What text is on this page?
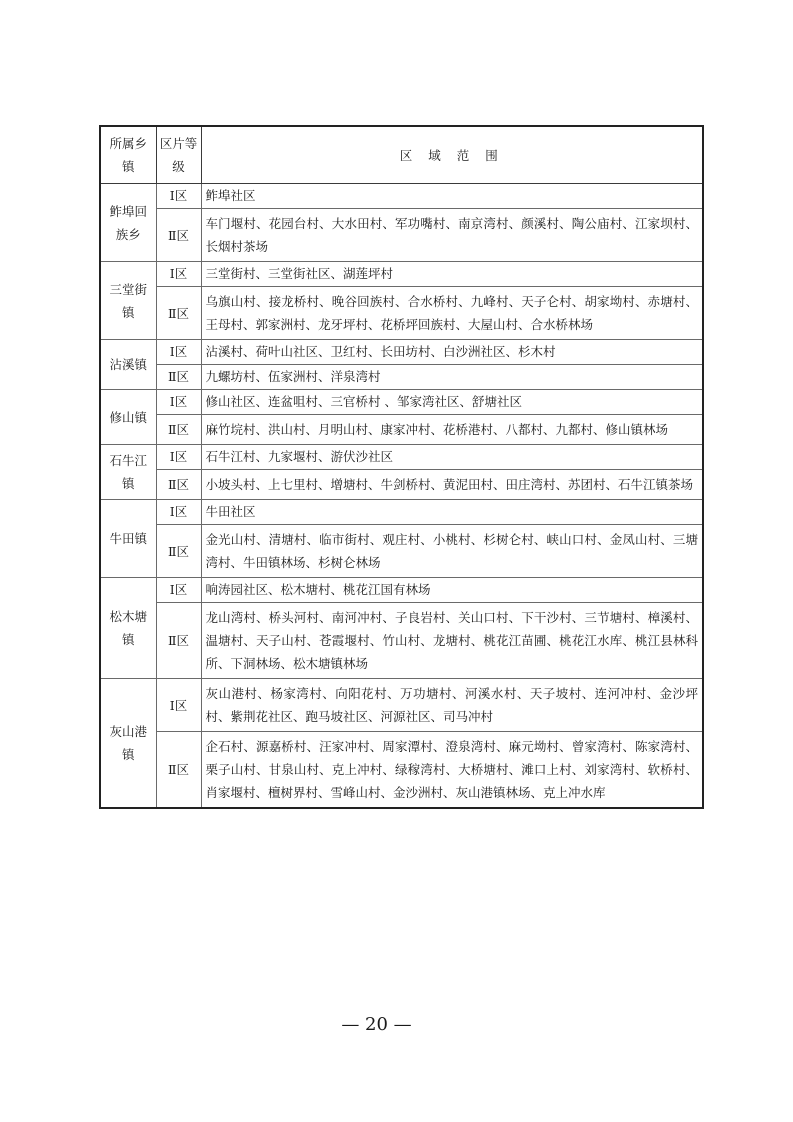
所属乡镇	区片等级	区 域 范 围
鲊埠回族乡	Ⅰ区	鲊埠社区
	Ⅱ区	车门堰村、花园台村、大水田村、军功嘴村、南京湾村、颜溪村、陶公庙村、江家坝村、长烟村茶场
三堂街镇	Ⅰ区	三堂街村、三堂街社区、湖莲坪村
	Ⅱ区	乌旗山村、接龙桥村、晚谷回族村、合水桥村、九峰村、天子仑村、胡家坳村、赤塘村、王母村、郭家洲村、龙牙坪村、花桥坪回族村、大屋山村、合水桥林场
沾溪镇	Ⅰ区	沾溪村、荷叶山社区、卫红村、长田坊村、白沙洲社区、杉木村
	Ⅱ区	九螺坊村、伍家洲村、洋泉湾村
修山镇	Ⅰ区	修山社区、连盆咀村、三官桥村 、邹家湾社区、舒塘社区
	Ⅱ区	麻竹垸村、洪山村、月明山村、康家冲村、花桥港村、八都村、九都村、修山镇林场
石牛江镇	Ⅰ区	石牛江村、九家堰村、游伏沙社区
	Ⅱ区	小坡头村、上七里村、增塘村、牛剑桥村、黄泥田村、田庄湾村、苏团村、石牛江镇茶场
牛田镇	Ⅰ区	牛田社区
	Ⅱ区	金光山村、清塘村、临市街村、观庄村、小桃村、杉树仑村、峡山口村、金凤山村、三塘湾村、牛田镇林场、杉树仑林场
松木塘镇	Ⅰ区	响涛园社区、松木塘村、桃花江国有林场
	Ⅱ区	龙山湾村、桥头河村、南河冲村、子良岩村、关山口村、下干沙村、三节塘村、樟溪村、温塘村、天子山村、苍霞堰村、竹山村、龙塘村、桃花江苗圃、桃花江水库、桃江县林科所、下洞林场、松木塘镇林场
灰山港镇	Ⅰ区	灰山港村、杨家湾村、向阳花村、万功塘村、河溪水村、天子坡村、连河冲村、金沙坪村、紫荆花社区、跑马坡社区、河源社区、司马冲村
	Ⅱ区	企石村、源嘉桥村、汪家冲村、周家潭村、澄泉湾村、麻元坳村、曾家湾村、陈家湾村、栗子山村、甘泉山村、克上冲村、绿稼湾村、大桥塘村、滩口上村、刘家湾村、软桥村、肖家堰村、檀树界村、雪峰山村、金沙洲村、灰山港镇林场、克上冲水库
— 20 —
